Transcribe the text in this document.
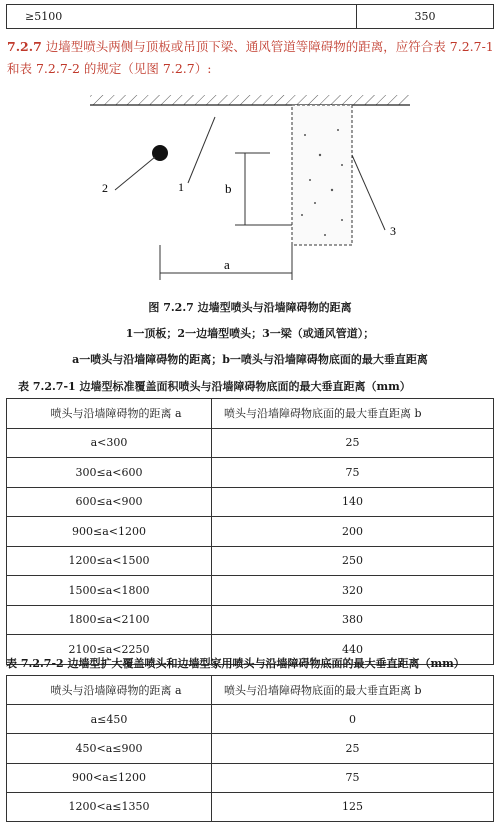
≥5100	350
7.2.7 边墙型喷头两侧与顶板或吊顶下梁、通风管道等障碍物的距离，应符合表 7.2.7-1 和表 7.2.7-2 的规定（见图 7.2.7）:
1
2
3
b
a
图 7.2.7 边墙型喷头与沿墙障碍物的距离
1一顶板；2一边墙型喷头；3一梁（或通风管道）；
a一喷头与沿墙障碍物的距离；b一喷头与沿墙障碍物底面的最大垂直距离
表 7.2.7-1 边墙型标准覆盖面积喷头与沿墙障碍物底面的最大垂直距离（mm）
喷头与沿墙障碍物的距离 a	喷头与沿墙障碍物底面的最大垂直距离 b
a<300	25
300≤a<600	75
600≤a<900	140
900≤a<1200	200
1200≤a<1500	250
1500≤a<1800	320
1800≤a<2100	380
2100≤a<2250	440
表 7.2.7-2 边墙型扩大覆盖喷头和边墙型家用喷头与沿墙障碍物底面的最大垂直距离（mm）
喷头与沿墙障碍物的距离 a	喷头与沿墙障碍物底面的最大垂直距离 b
a≤450	0
450<a≤900	25
900<a≤1200	75
1200<a≤1350	125
